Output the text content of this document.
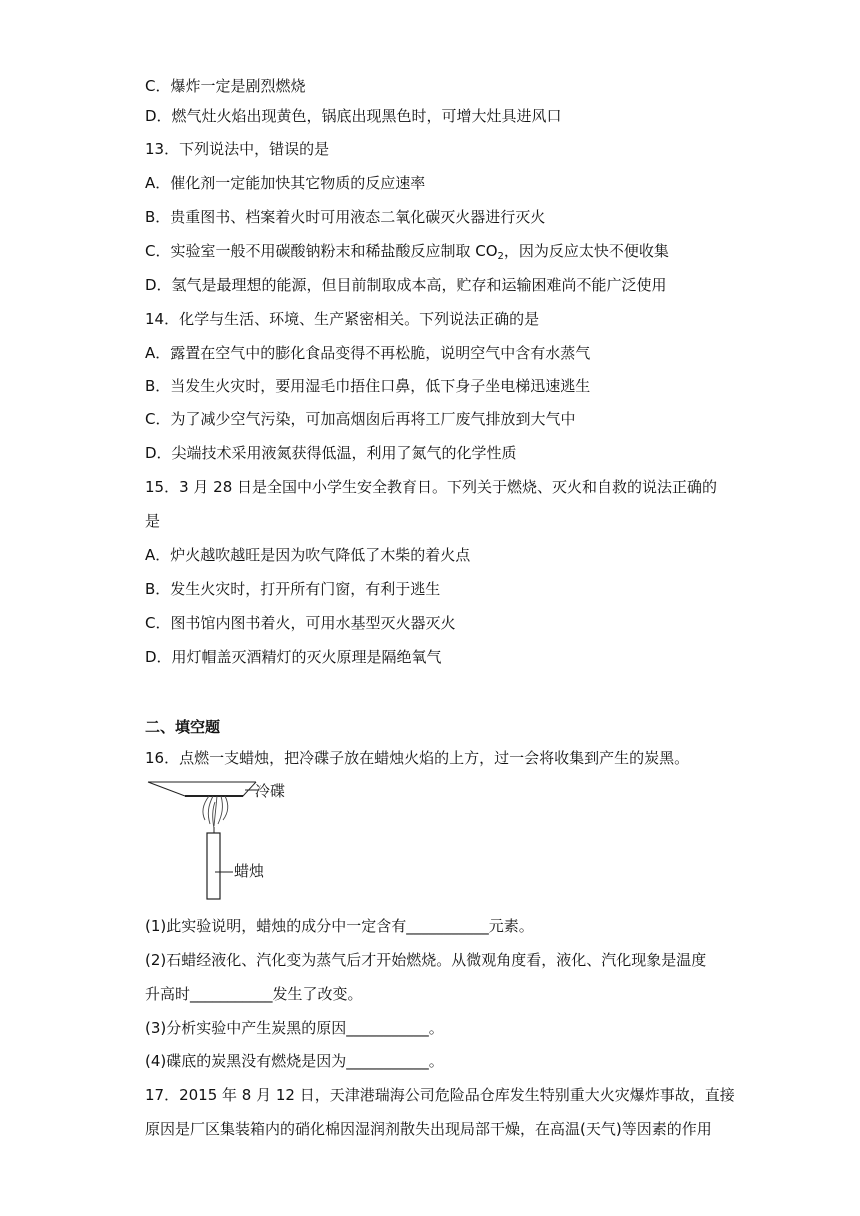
C．爆炸一定是剧烈燃烧
D．燃气灶火焰出现黄色，锅底出现黑色时，可增大灶具进风口
13．下列说法中，错误的是
A．催化剂一定能加快其它物质的反应速率
B．贵重图书、档案着火时可用液态二氧化碳灭火器进行灭火
C．实验室一般不用碳酸钠粉末和稀盐酸反应制取 $CO_2$，因为反应太快不便收集
D．氢气是最理想的能源，但目前制取成本高，贮存和运输困难尚不能广泛使用
14．化学与生活、环境、生产紧密相关。下列说法正确的是
A．露置在空气中的膨化食品变得不再松脆，说明空气中含有水蒸气
B．当发生火灾时，要用湿毛巾捂住口鼻，低下身子坐电梯迅速逃生
C．为了减少空气污染，可加高烟囱后再将工厂废气排放到大气中
D．尖端技术采用液氮获得低温，利用了氮气的化学性质
15．3 月 28 日是全国中小学生安全教育日。下列关于燃烧、灭火和自救的说法正确的
是
A．炉火越吹越旺是因为吹气降低了木柴的着火点
B．发生火灾时，打开所有门窗，有利于逃生
C．图书馆内图书着火，可用水基型灭火器灭火
D．用灯帽盖灭酒精灯的灭火原理是隔绝氧气
二、填空题
16．点燃一支蜡烛，把冷碟子放在蜡烛火焰的上方，过一会将收集到产生的炭黑。
冷碟
蜡烛
(1)此实验说明，蜡烛的成分中一定含有___________元素。
(2)石蜡经液化、汽化变为蒸气后才开始燃烧。从微观角度看，液化、汽化现象是温度
升高时___________发生了改变。
(3)分析实验中产生炭黑的原因___________。
(4)碟底的炭黑没有燃烧是因为___________。
17．2015 年 8 月 12 日，天津港瑞海公司危险品仓库发生特别重大火灾爆炸事故，直接
原因是厂区集装箱内的硝化棉因湿润剂散失出现局部干燥，在高温(天气)等因素的作用
